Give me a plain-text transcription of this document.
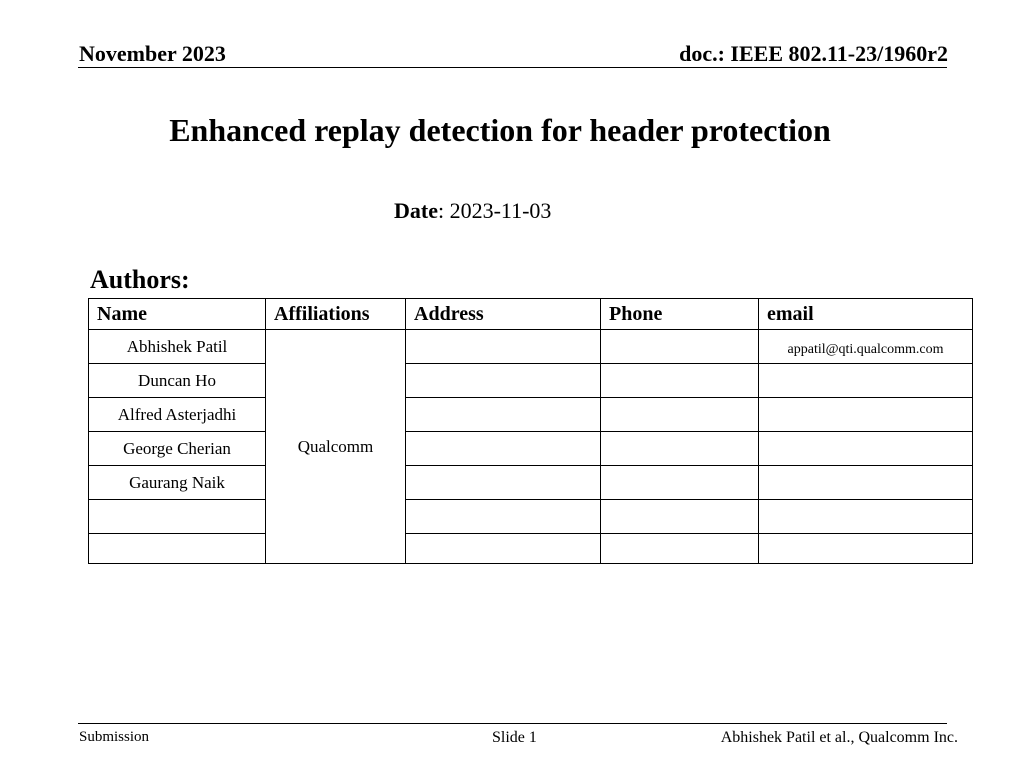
November 2023	doc.: IEEE 802.11-23/1960r2
Enhanced replay detection for header protection
Date: 2023-11-03
Authors:
Name	Affiliations	Address	Phone	email
Abhishek Patil	Qualcomm			appatil@qti.qualcomm.com
Duncan Ho				
Alfred Asterjadhi				
George Cherian				
Gaurang Naik				

Submission	Slide 1	Abhishek Patil et al., Qualcomm Inc.
